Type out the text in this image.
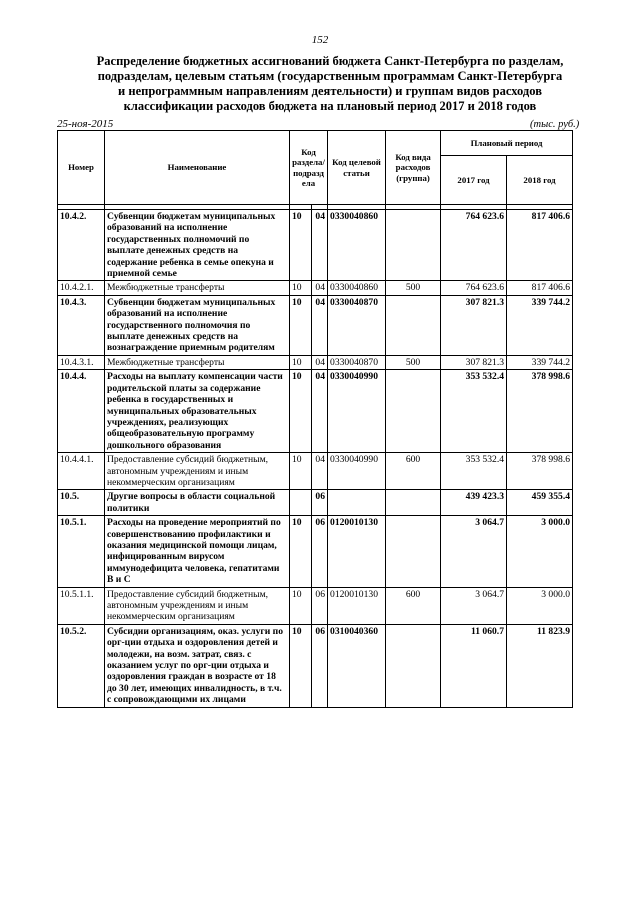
152
Распределение бюджетных ассигнований бюджета Санкт-Петербурга по разделам,
подразделам, целевым статьям (государственным программам Санкт-Петербурга
и непрограммным направлениям деятельности) и группам видов расходов
классификации расходов бюджета на плановый период 2017 и 2018 годов
25-ноя-2015	(тыс. руб.)
Номер	Наименование	Код раздела/ подразд ела		Код целевой статьи	Код вида расходов (группа)	Плановый период	
						2017 год	2018 год

10.4.2.	Субвенции бюджетам муниципальных образований на исполнение государственных полномочий по выплате денежных средств на содержание ребенка в семье опекуна и приемной семье	10	04	0330040860		764 623.6	817 406.6
10.4.2.1.	Межбюджетные трансферты	10	04	0330040860	500	764 623.6	817 406.6
10.4.3.	Субвенции бюджетам муниципальных образований на исполнение государственного полномочия по выплате денежных средств на вознаграждение приемным родителям	10	04	0330040870		307 821.3	339 744.2
10.4.3.1.	Межбюджетные трансферты	10	04	0330040870	500	307 821.3	339 744.2
10.4.4.	Расходы на выплату компенсации части родительской платы за содержание ребенка в государственных и муниципальных образовательных учреждениях, реализующих общеобразовательную программу дошкольного образования	10	04	0330040990		353 532.4	378 998.6
10.4.4.1.	Предоставление субсидий бюджетным, автономным учреждениям и иным некоммерческим организациям	10	04	0330040990	600	353 532.4	378 998.6
10.5.	Другие вопросы в области социальной политики		06			439 423.3	459 355.4
10.5.1.	Расходы на проведение мероприятий по совершенствованию профилактики и оказания медицинской помощи лицам, инфицированным вирусом иммунодефицита человека, гепатитами В и С	10	06	0120010130		3 064.7	3 000.0
10.5.1.1.	Предоставление субсидий бюджетным, автономным учреждениям и иным некоммерческим организациям	10	06	0120010130	600	3 064.7	3 000.0
10.5.2.	Субсидии организациям, оказ. услуги по орг-ции отдыха и оздоровления детей и молодежи, на возм. затрат, связ. с оказанием услуг по орг-ции отдыха и оздоровления граждан в возрасте от 18 до 30 лет, имеющих инвалидность, в т.ч. с сопровождающими их лицами	10	06	0310040360		11 060.7	11 823.9
